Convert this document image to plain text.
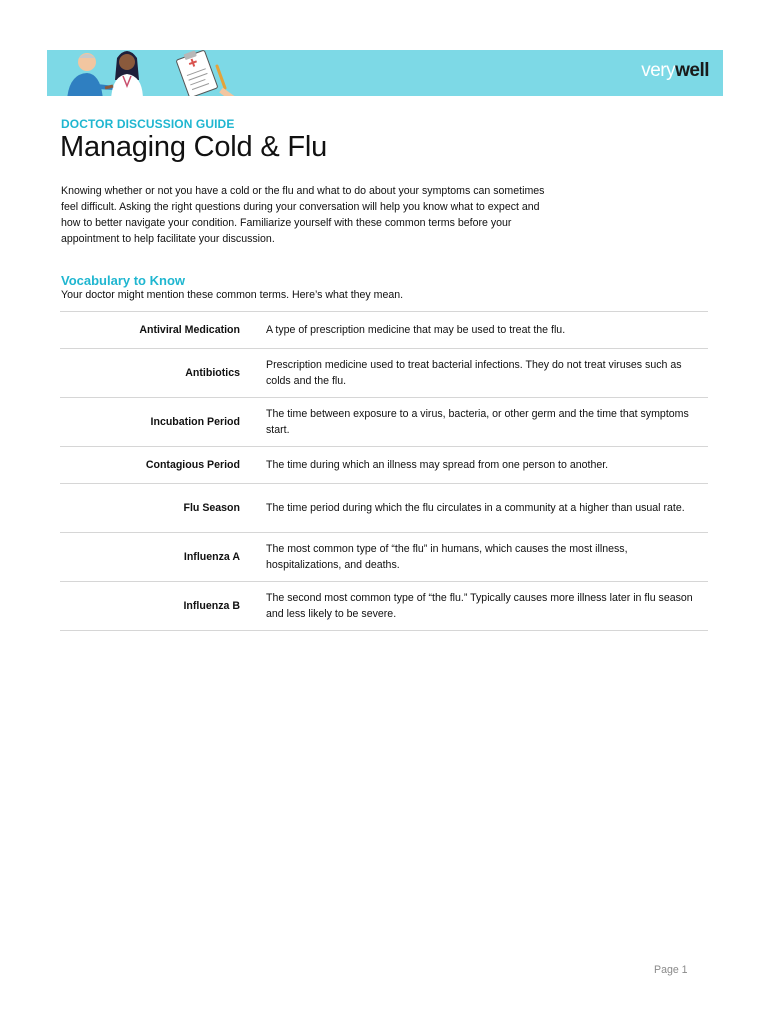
verywell
DOCTOR DISCUSSION GUIDE
Managing Cold & Flu

Knowing whether or not you have a cold or the flu and what to do about your symptoms can sometimes feel difficult. Asking the right questions during your conversation will help you know what to expect and how to better navigate your condition. Familiarize yourself with these common terms before your appointment to help facilitate your discussion.

Vocabulary to Know

Your doctor might mention these common terms. Here’s what they mean.

Antiviral Medication	A type of prescription medicine that may be used to treat the flu.
Antibiotics	Prescription medicine used to treat bacterial infections. They do not treat viruses such as colds and the flu.
Incubation Period	The time between exposure to a virus, bacteria, or other germ and the time that symptoms start.
Contagious Period	The time during which an illness may spread from one person to another.
Flu Season	The time period during which the flu circulates in a community at a higher than usual rate.
Influenza A	The most common type of “the flu” in humans, which causes the most illness, hospitalizations, and deaths.
Influenza B	The second most common type of “the flu.” Typically causes more illness later in flu season and less likely to be severe.
Page 1
